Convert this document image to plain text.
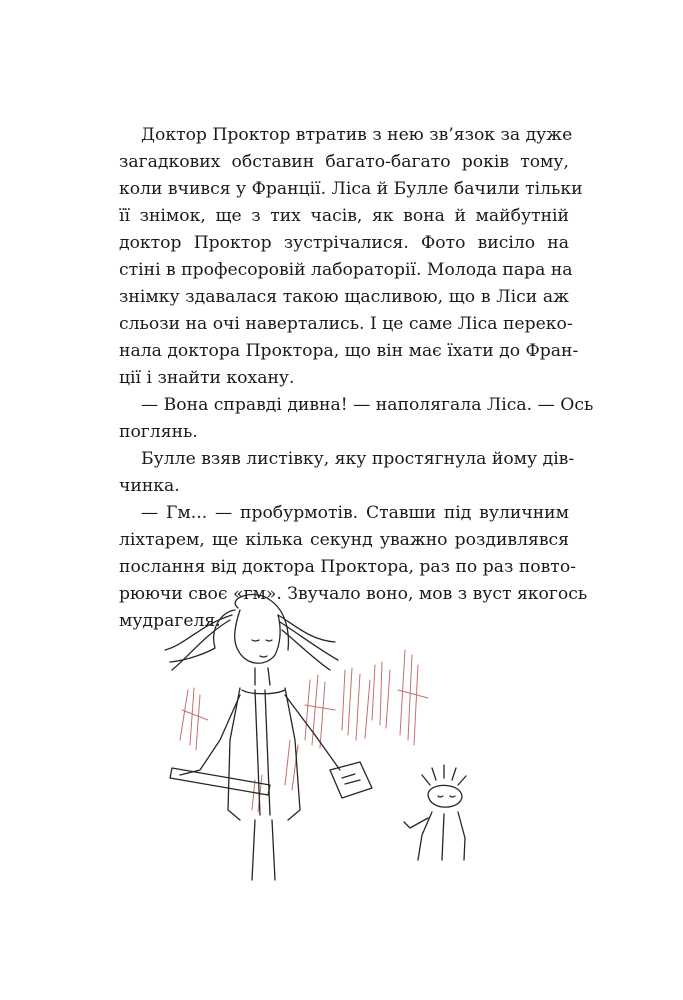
Доктор Проктор втратив з нею зв’язок за дуже
загадкових обставин багато-багато років тому,
коли вчився у Франції. Ліса й Булле бачили тільки
її знімок, ще з тих часів, як вона й майбутній
доктор Проктор зустрічалися. Фото висіло на
стіні в професоровій лабораторії. Молода пара на
знімку здавалася такою щасливою, що в Ліси аж
сльози на очі навертались. І це саме Ліса переко-
нала доктора Проктора, що він має їхати до Фран-
ції і знайти кохану.
— Вона справді дивна! — наполягала Ліса. — Ось
поглянь.
Булле взяв листівку, яку простягнула йому дів-
чинка.
— Гм... — пробурмотів. Ставши під вуличним
ліхтарем, ще кілька секунд уважно роздивлявся
послання від доктора Проктора, раз по раз повто-
рюючи своє «гм». Звучало воно, мов з вуст якогось
мудрагеля.
